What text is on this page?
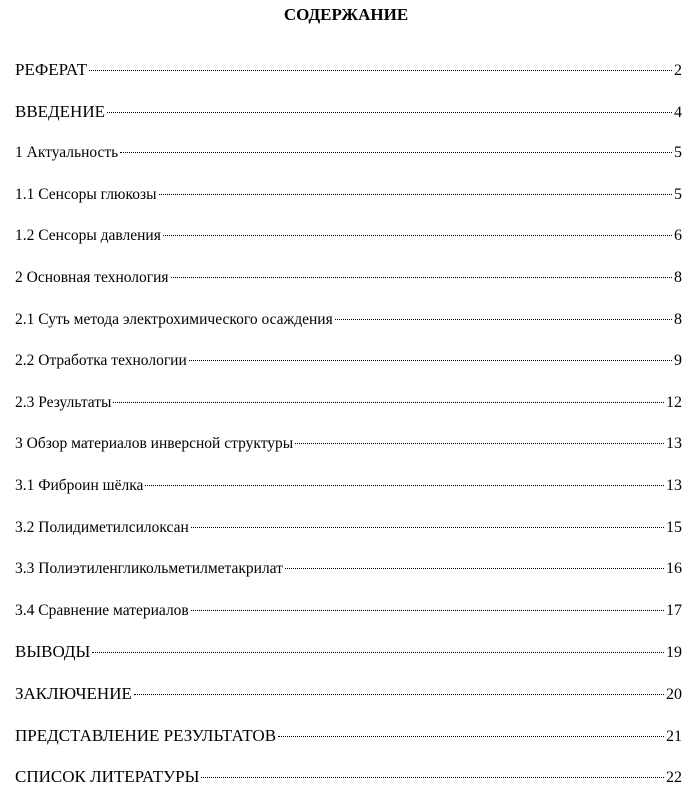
СОДЕРЖАНИЕ
РЕФЕРАТ	2
ВВЕДЕНИЕ	4
1 Актуальность	5
1.1 Сенсоры глюкозы	5
1.2 Сенсоры давления	6
2 Основная технология	8
2.1 Суть метода электрохимического осаждения	8
2.2 Отработка технологии	9
2.3 Результаты	12
3 Обзор материалов инверсной структуры	13
3.1 Фиброин шёлка	13
3.2 Полидиметилсилоксан	15
3.3 Полиэтиленгликольметилметакрилат	16
3.4 Сравнение материалов	17
ВЫВОДЫ	19
ЗАКЛЮЧЕНИЕ	20
ПРЕДСТАВЛЕНИЕ РЕЗУЛЬТАТОВ	21
СПИСОК ЛИТЕРАТУРЫ	22
